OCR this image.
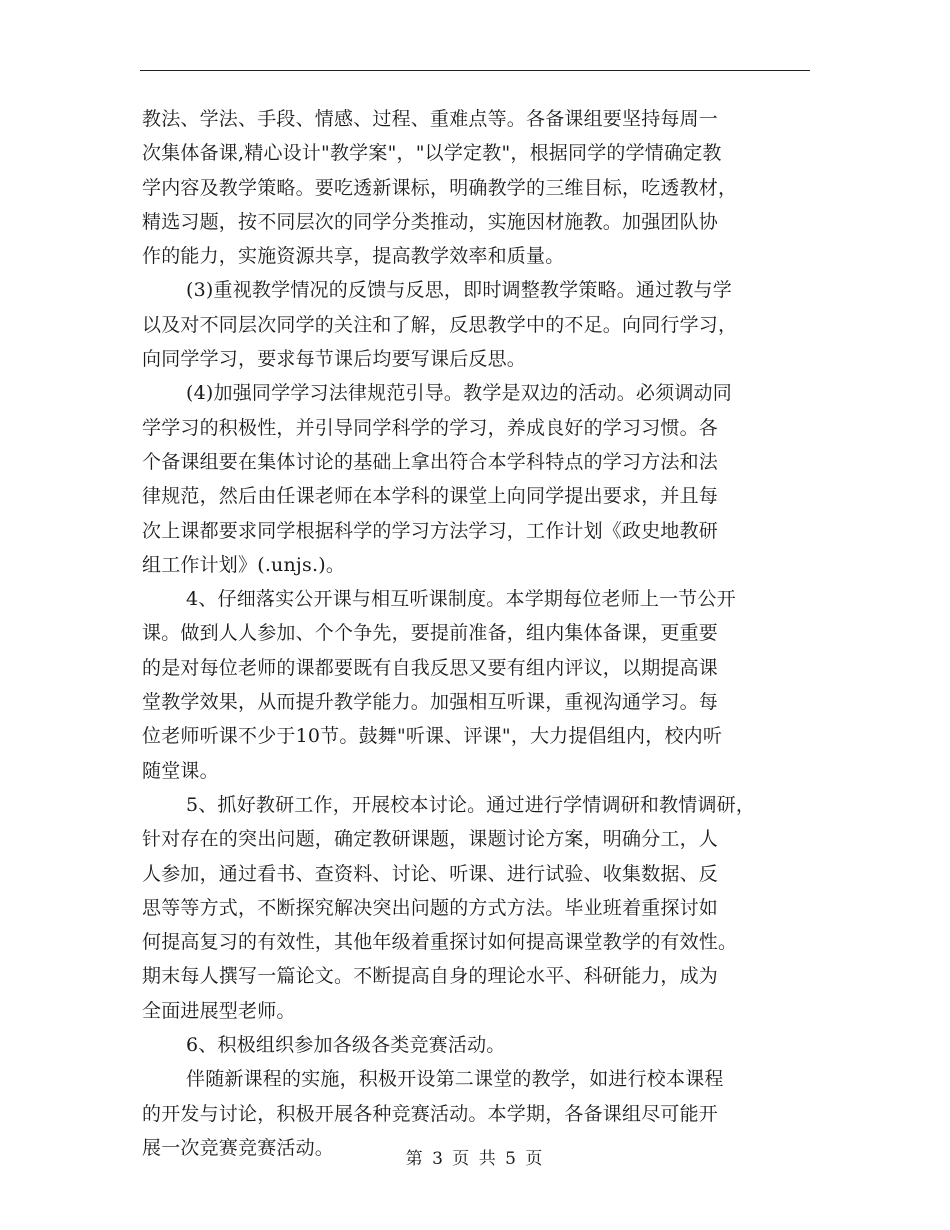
教法、学法、手段、情感、过程、重难点等。各备课组要坚持每周一
次集体备课,精心设计"教学案"，"以学定教"，根据同学的学情确定教
学内容及教学策略。要吃透新课标，明确教学的三维目标，吃透教材，
精选习题，按不同层次的同学分类推动，实施因材施教。加强团队协
作的能力，实施资源共享，提高教学效率和质量。
(3)重视教学情况的反馈与反思，即时调整教学策略。通过教与学
以及对不同层次同学的关注和了解，反思教学中的不足。向同行学习，
向同学学习，要求每节课后均要写课后反思。
(4)加强同学学习法律规范引导。教学是双边的活动。必须调动同
学学习的积极性，并引导同学科学的学习，养成良好的学习习惯。各
个备课组要在集体讨论的基础上拿出符合本学科特点的学习方法和法
律规范，然后由任课老师在本学科的课堂上向同学提出要求，并且每
次上课都要求同学根据科学的学习方法学习，工作计划《政史地教研
组工作计划》(.unjs.)。
4、仔细落实公开课与相互听课制度。本学期每位老师上一节公开
课。做到人人参加、个个争先，要提前准备，组内集体备课，更重要
的是对每位老师的课都要既有自我反思又要有组内评议，以期提高课
堂教学效果，从而提升教学能力。加强相互听课，重视沟通学习。每
位老师听课不少于10节。鼓舞"听课、评课"，大力提倡组内，校内听
随堂课。
5、抓好教研工作，开展校本讨论。通过进行学情调研和教情调研，
针对存在的突出问题，确定教研课题，课题讨论方案，明确分工，人
人参加，通过看书、查资料、讨论、听课、进行试验、收集数据、反
思等等方式，不断探究解决突出问题的方式方法。毕业班着重探讨如
何提高复习的有效性，其他年级着重探讨如何提高课堂教学的有效性。
期末每人撰写一篇论文。不断提高自身的理论水平、科研能力，成为
全面进展型老师。
6、积极组织参加各级各类竞赛活动。
伴随新课程的实施，积极开设第二课堂的教学，如进行校本课程
的开发与讨论，积极开展各种竞赛活动。本学期，各备课组尽可能开
展一次竞赛竞赛活动。
第 3 页 共 5 页
